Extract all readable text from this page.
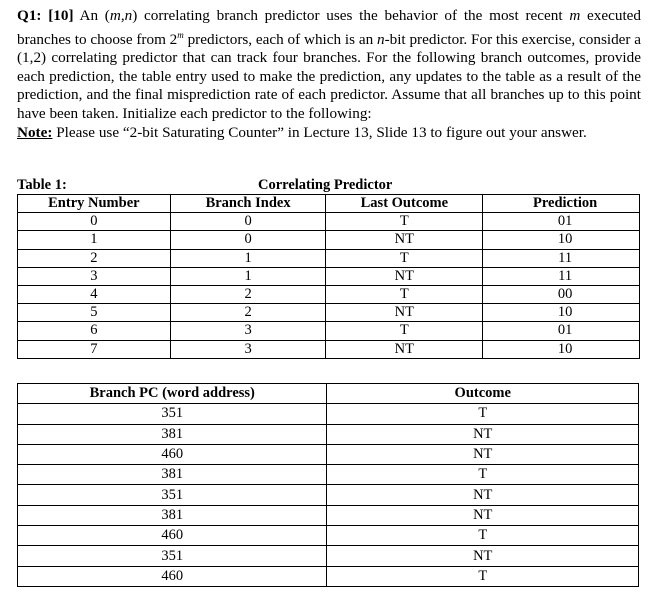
Q1: [10] An (m,n) correlating branch predictor uses the behavior of the most recent m executed branches to choose from 2$^m$ predictors, each of which is an n-bit predictor. For this exercise, consider a (1,2) correlating predictor that can track four branches. For the following branch outcomes, provide each prediction, the table entry used to make the prediction, any updates to the table as a result of the prediction, and the final misprediction rate of each predictor. Assume that all branches up to this point have been taken. Initialize each predictor to the following:
Note: Please use “2-bit Saturating Counter” in Lecture 13, Slide 13 to figure out your answer.
Table 1:	Correlating Predictor
Entry Number	Branch Index	Last Outcome	Prediction
0	0	T	01
1	0	NT	10
2	1	T	11
3	1	NT	11
4	2	T	00
5	2	NT	10
6	3	T	01
7	3	NT	10
Branch PC (word address)	Outcome
351	T
381	NT
460	NT
381	T
351	NT
381	NT
460	T
351	NT
460	T
